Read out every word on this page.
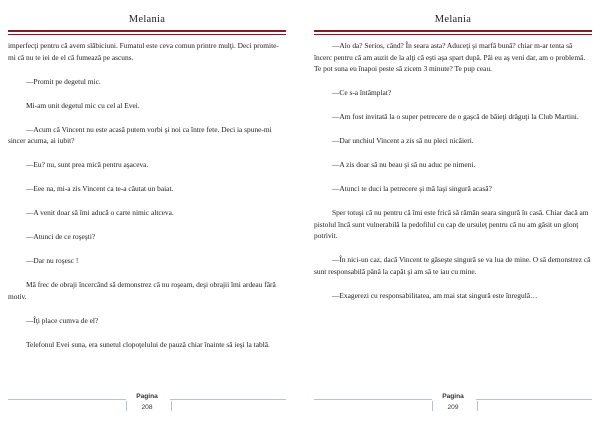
Melania

imperfecţi pentru că avem slăbiciuni. Fumatul este ceva comun printre mulţi. Deci promite-mi că nu te iei de el că fumează pe ascuns.

—Promit pe degetul mic.

Mi-am unit degetul mic cu cel al Evei.

—Acum că Vincent nu este acasă putem vorbi şi noi ca între fete. Deci ia spune-mi sincer acuma, ai iubit?

—Eu? nu, sunt prea mică pentru aşaceva.

—Eee na, mi-a zis Vincent ca te-a căutat un baiat.

—A venit doar să îmi aducă o carte nimic altceva.

—Atunci de ce roşeşti?

—Dar nu roşesc !

Mă frec de obraji încercând să demonstrez că nu roşeam, deşi obrajii îmi ardeau fără motiv.

—Îţi place cumva de el?

Telefonul Evei suna, era sunetul clopoţelului de pauză chiar înainte să ieşi la tablă.

Pagina
208
Melania

—Alo da? Serios, când? În seara asta? Aduceţi şi marfă bună? chiar m-ar tenta să încerc pentru că am auzit de la alţi că eşti aşa spart după. Păi eu aş veni dar, am o problemă. Te pot suna eu înapoi peste să zicem 3 minute? Te pup ceau.

—Ce s-a întâmplat?

—Am fost invitată la o super petrecere de o gaşcă de băieţi drăguţi la Club Martini.

—Dar unchiul Vincent a zis să nu pleci nicăieri.

—A zis doar să nu beau şi să nu aduc pe nimeni.

—Atunci te duci la petrecere şi mă laşi singură acasă?

Sper totuşi că nu pentru că îmi este frică să rămân seara singură în casă. Chiar dacă am pistolul încă sunt vulnerabilă la pedofilul cu cap de ursuleţ pentru că nu am găsit un glonţ potrivit.

—În nici-un caz, dacă Vincent te găseşte singură se va lua de mine. O să demonstrez că sunt responsabilă până la capăt şi am să te iau cu mine.

—Exagerezi cu responsabilitatea, am mai stat singură este înregulă…

Pagina
209
